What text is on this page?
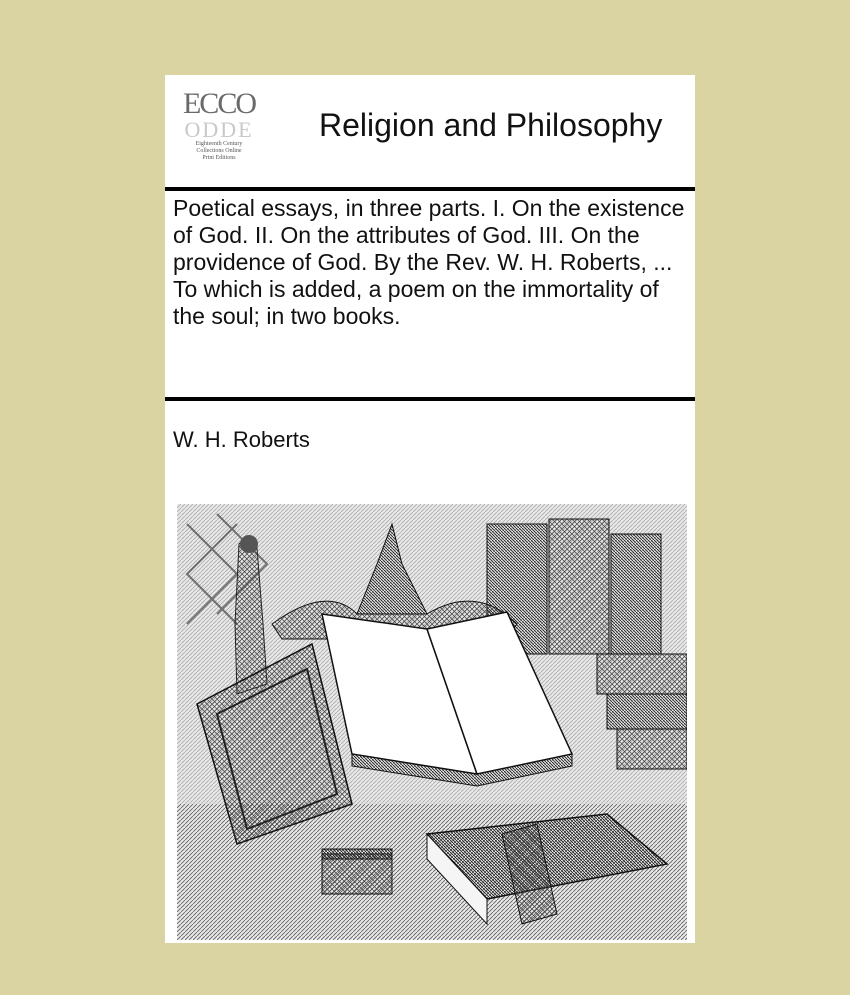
ECCO
ODDE
Eighteenth Century
Collections Online
Print Editions
Religion and Philosophy
Poetical essays, in three parts. I. On the existence of God. II. On the attributes of God. III. On the providence of God. By the Rev. W. H. Roberts, ... To which is added, a poem on the immortality of the soul; in two books.
W. H. Roberts
